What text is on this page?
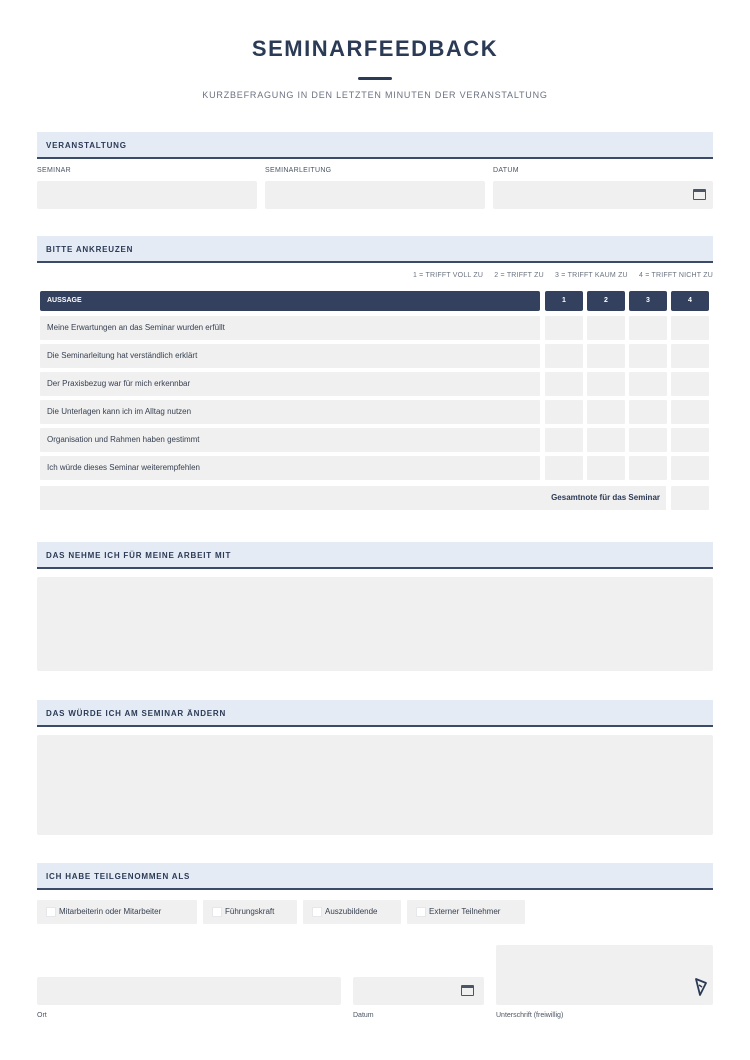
SEMINARFEEDBACK
KURZBEFRAGUNG IN DEN LETZTEN MINUTEN DER VERANSTALTUNG
VERANSTALTUNG
SEMINAR	SEMINARLEITUNG	DATUM
BITTE ANKREUZEN
1 = TRIFFT VOLL ZU 2 = TRIFFT ZU 3 = TRIFFT KAUM ZU 4 = TRIFFT NICHT ZU
AUSSAGE	1	2	3	4
Meine Erwartungen an das Seminar wurden erfüllt
Die Seminarleitung hat verständlich erklärt
Der Praxisbezug war für mich erkennbar
Die Unterlagen kann ich im Alltag nutzen
Organisation und Rahmen haben gestimmt
Ich würde dieses Seminar weiterempfehlen
Gesamtnote für das Seminar
DAS NEHME ICH FÜR MEINE ARBEIT MIT
DAS WÜRDE ICH AM SEMINAR ÄNDERN
ICH HABE TEILGENOMMEN ALS
Mitarbeiterin oder Mitarbeiter	Führungskraft	Auszubildende	Externer Teilnehmer
Ort	Datum	Unterschrift (freiwillig)
